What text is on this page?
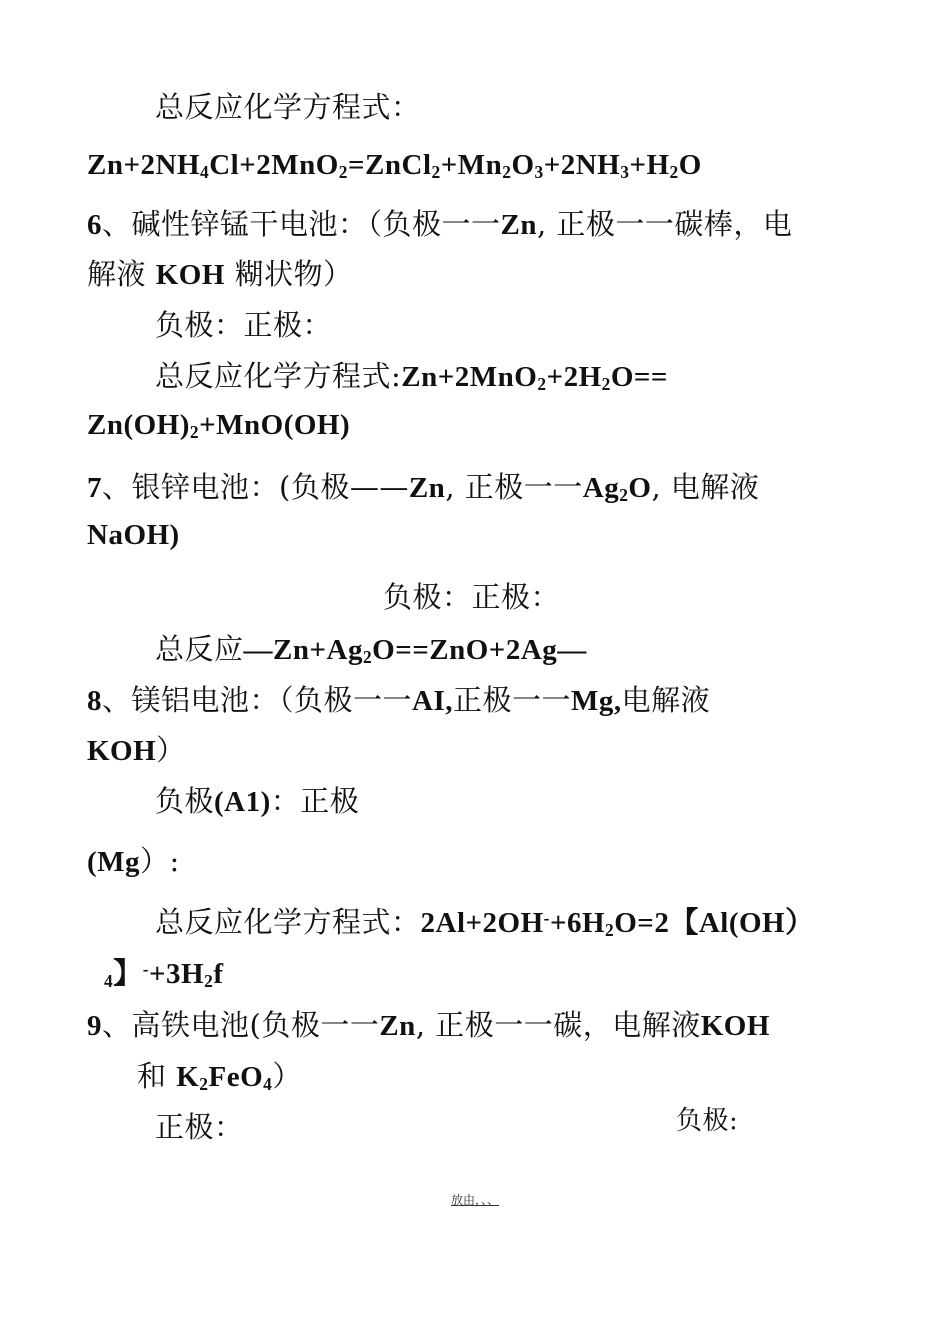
总反应化学方程式：
$Zn+2NH_4Cl+2MnO_2=ZnCl_2+Mn_2O_3+2NH_3+H_2O$
6、碱性锌锰干电池：（负极一一Zn, 正极一一碳棒，电
解液 KOH 糊状物）
负极：正极：
总反应化学方程式$:Zn+2MnO_2+2H_2O==$
$Zn(OH)_2+MnO(OH)$
7、银锌电池：(负极——Zn, 正极一一$Ag_2O$, 电解液
NaOH)
负极：正极：
总反应$—Zn+Ag_2O==ZnO+2Ag—$
8、镁铝电池：（负极一一AI,正极一一Mg,电解液
KOH）
负极(A1)：正极
(Mg）:
总反应化学方程式：$2Al+2OH^-+6H_2O=2$【Al(OH）
$_4$】$^-+3H_2f$
9、高铁电池(负极一一Zn, 正极一一碳，电解液KOH
和 $K_2FeO_4$）
正极：	负极:
放由，、、
